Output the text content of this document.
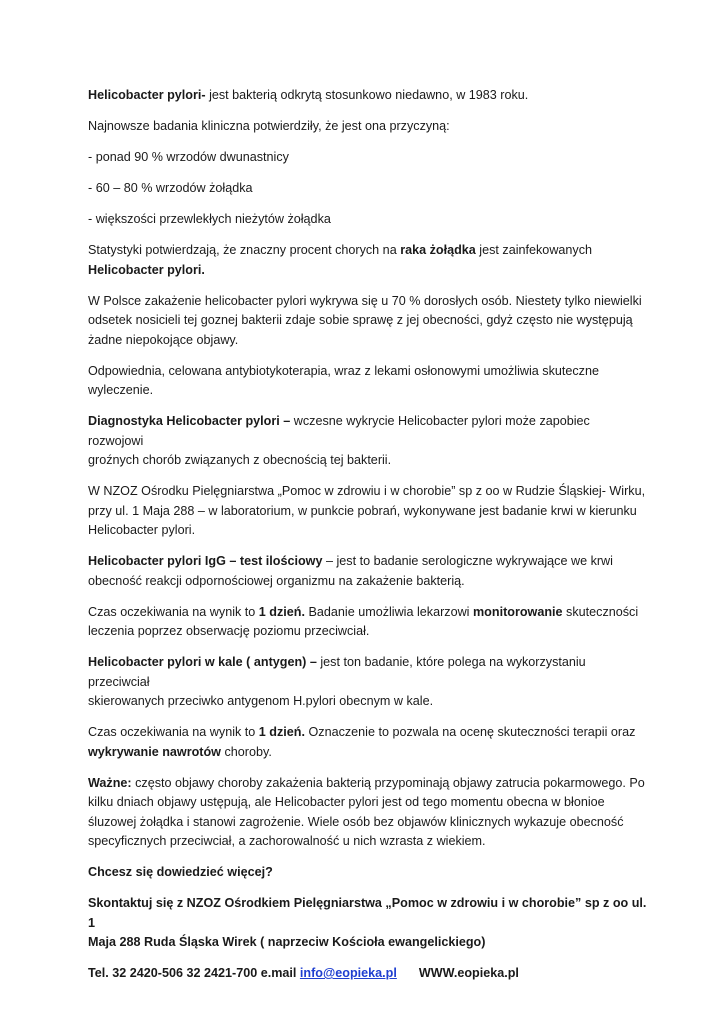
Helicobacter pylori- jest bakterią odkrytą stosunkowo niedawno, w 1983 roku.

Najnowsze badania kliniczna potwierdziły, że jest ona przyczyną:

- ponad 90 % wrzodów dwunastnicy

- 60 – 80 % wrzodów żołądka

- większości przewlekłych nieżytów żołądka

Statystyki potwierdzają, że znaczny procent chorych na raka żołądka jest zainfekowanych
Helicobacter pylori.

W Polsce zakażenie helicobacter pylori wykrywa się u 70 % dorosłych osób. Niestety tylko niewielki
odsetek nosicieli tej goznej bakterii zdaje sobie sprawę z jej obecności, gdyż często nie występują
żadne niepokojące objawy.

Odpowiednia, celowana antybiotykoterapia, wraz z lekami osłonowymi umożliwia skuteczne
wyleczenie.

Diagnostyka Helicobacter pylori – wczesne wykrycie Helicobacter pylori może zapobiec rozwojowi
groźnych chorób związanych z obecnością tej bakterii.

W NZOZ Ośrodku Pielęgniarstwa „Pomoc w zdrowiu i w chorobie” sp z oo w Rudzie Śląskiej- Wirku,
przy ul. 1 Maja 288 – w laboratorium, w punkcie pobrań, wykonywane jest badanie krwi w kierunku
Helicobacter pylori.

Helicobacter pylori IgG – test ilościowy – jest to badanie serologiczne wykrywające we krwi
obecność reakcji odpornościowej organizmu na zakażenie bakterią.

Czas oczekiwania na wynik to 1 dzień. Badanie umożliwia lekarzowi monitorowanie skuteczności
leczenia poprzez obserwację poziomu przeciwciał.

Helicobacter pylori w kale ( antygen) – jest ton badanie, które polega na wykorzystaniu przeciwciał
skierowanych przeciwko antygenom H.pylori obecnym w kale.

Czas oczekiwania na wynik to 1 dzień. Oznaczenie to pozwala na ocenę skuteczności terapii oraz
wykrywanie nawrotów choroby.

Ważne: często objawy choroby zakażenia bakterią przypominają objawy zatrucia pokarmowego. Po
kilku dniach objawy ustępują, ale Helicobacter pylori jest od tego momentu obecna w błonioe
śluzowej żołądka i stanowi zagrożenie. Wiele osób bez objawów klinicznych wykazuje obecność
specyficznych przeciwciał, a zachorowalność u nich wzrasta z wiekiem.

Chcesz się dowiedzieć więcej?

Skontaktuj się z NZOZ Ośrodkiem Pielęgniarstwa „Pomoc w zdrowiu i w chorobie” sp z oo ul. 1
Maja 288 Ruda Śląska Wirek ( naprzeciw Kościoła ewangelickiego)

Tel. 32 2420-506 32 2421-700 e.mail info@eopieka.pl WWW.eopieka.pl
